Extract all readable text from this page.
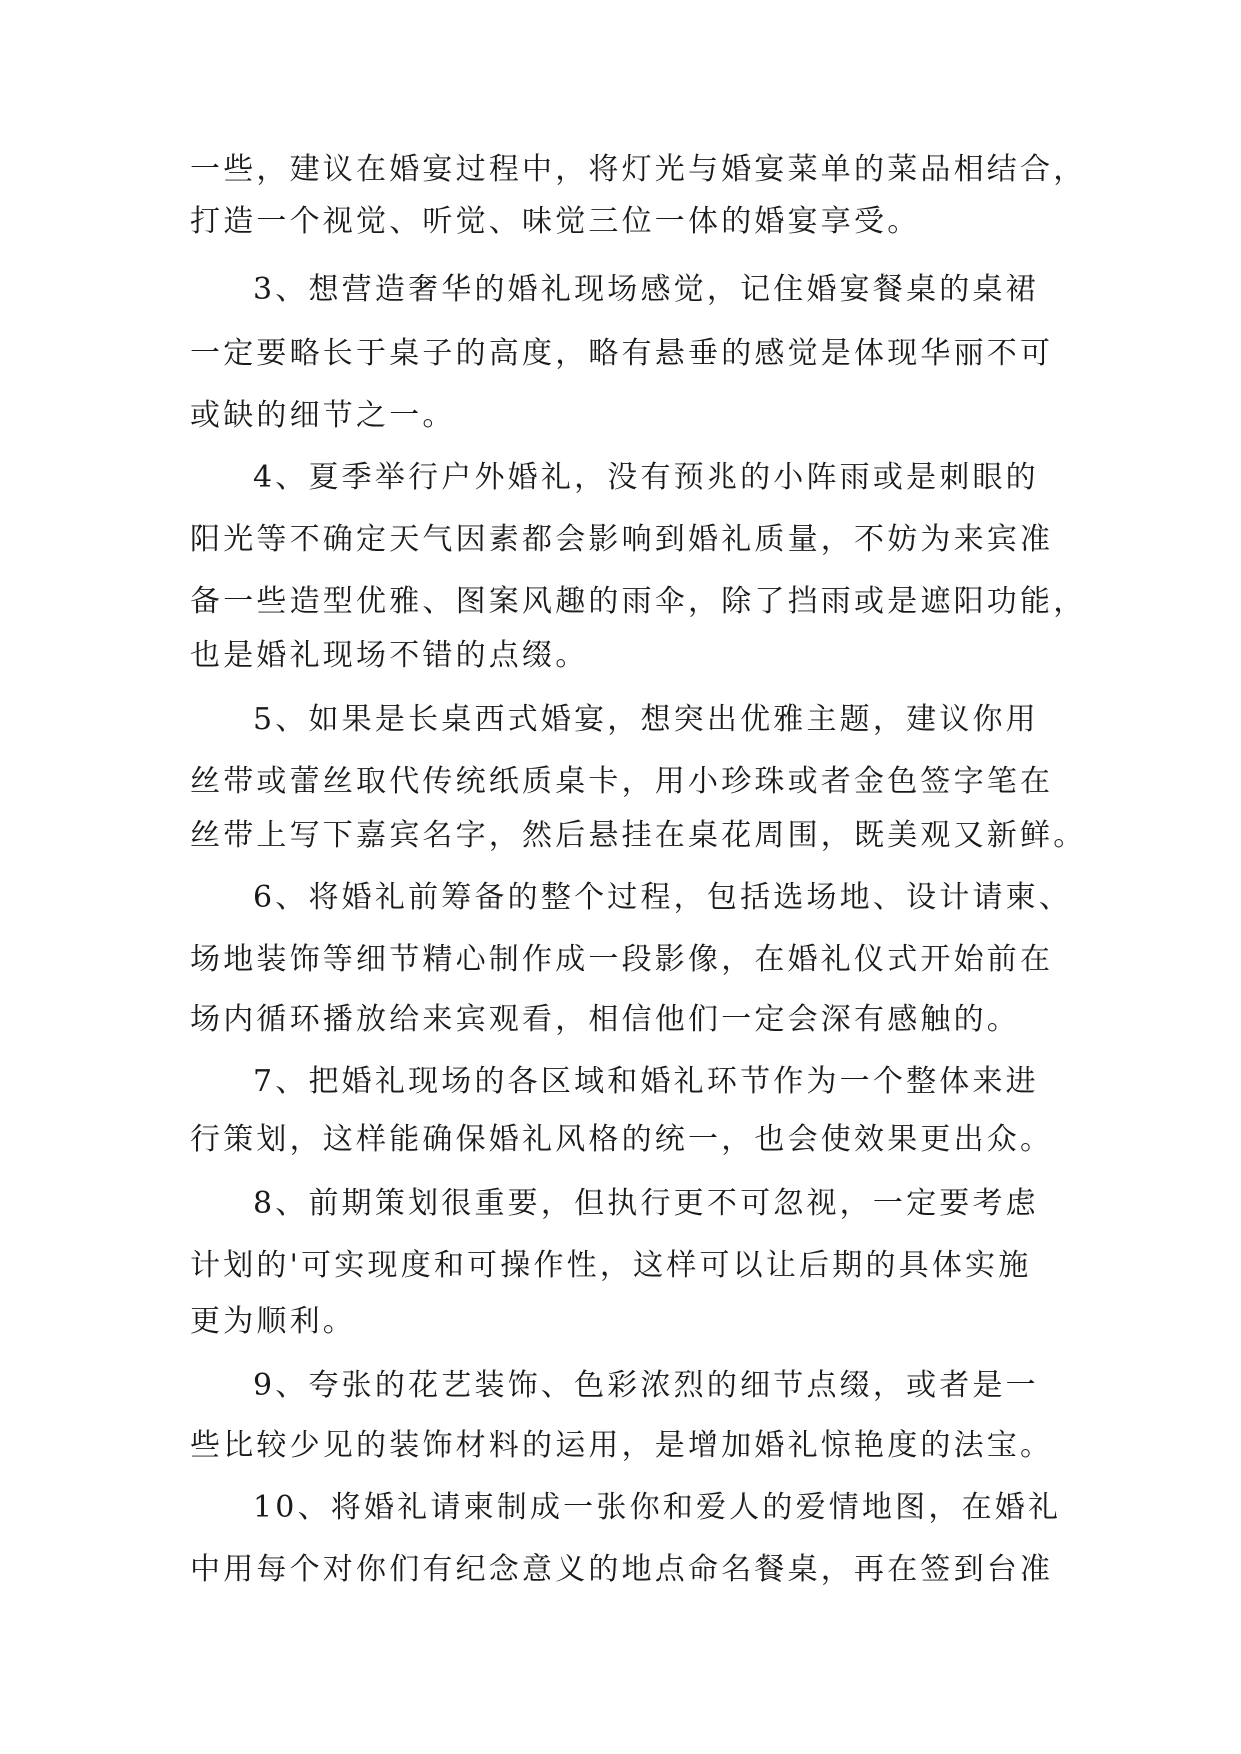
一些，建议在婚宴过程中，将灯光与婚宴菜单的菜品相结合，
打造一个视觉、听觉、味觉三位一体的婚宴享受。
3、想营造奢华的婚礼现场感觉，记住婚宴餐桌的桌裙
一定要略长于桌子的高度，略有悬垂的感觉是体现华丽不可
或缺的细节之一。
4、夏季举行户外婚礼，没有预兆的小阵雨或是刺眼的
阳光等不确定天气因素都会影响到婚礼质量，不妨为来宾准
备一些造型优雅、图案风趣的雨伞，除了挡雨或是遮阳功能，
也是婚礼现场不错的点缀。
5、如果是长桌西式婚宴，想突出优雅主题，建议你用
丝带或蕾丝取代传统纸质桌卡，用小珍珠或者金色签字笔在
丝带上写下嘉宾名字，然后悬挂在桌花周围，既美观又新鲜。
6、将婚礼前筹备的整个过程，包括选场地、设计请柬、
场地装饰等细节精心制作成一段影像，在婚礼仪式开始前在
场内循环播放给来宾观看，相信他们一定会深有感触的。
7、把婚礼现场的各区域和婚礼环节作为一个整体来进
行策划，这样能确保婚礼风格的统一，也会使效果更出众。
8、前期策划很重要，但执行更不可忽视，一定要考虑
计划的'可实现度和可操作性，这样可以让后期的具体实施
更为顺利。
9、夸张的花艺装饰、色彩浓烈的细节点缀，或者是一
些比较少见的装饰材料的运用，是增加婚礼惊艳度的法宝。
10、将婚礼请柬制成一张你和爱人的爱情地图，在婚礼
中用每个对你们有纪念意义的地点命名餐桌，再在签到台准
